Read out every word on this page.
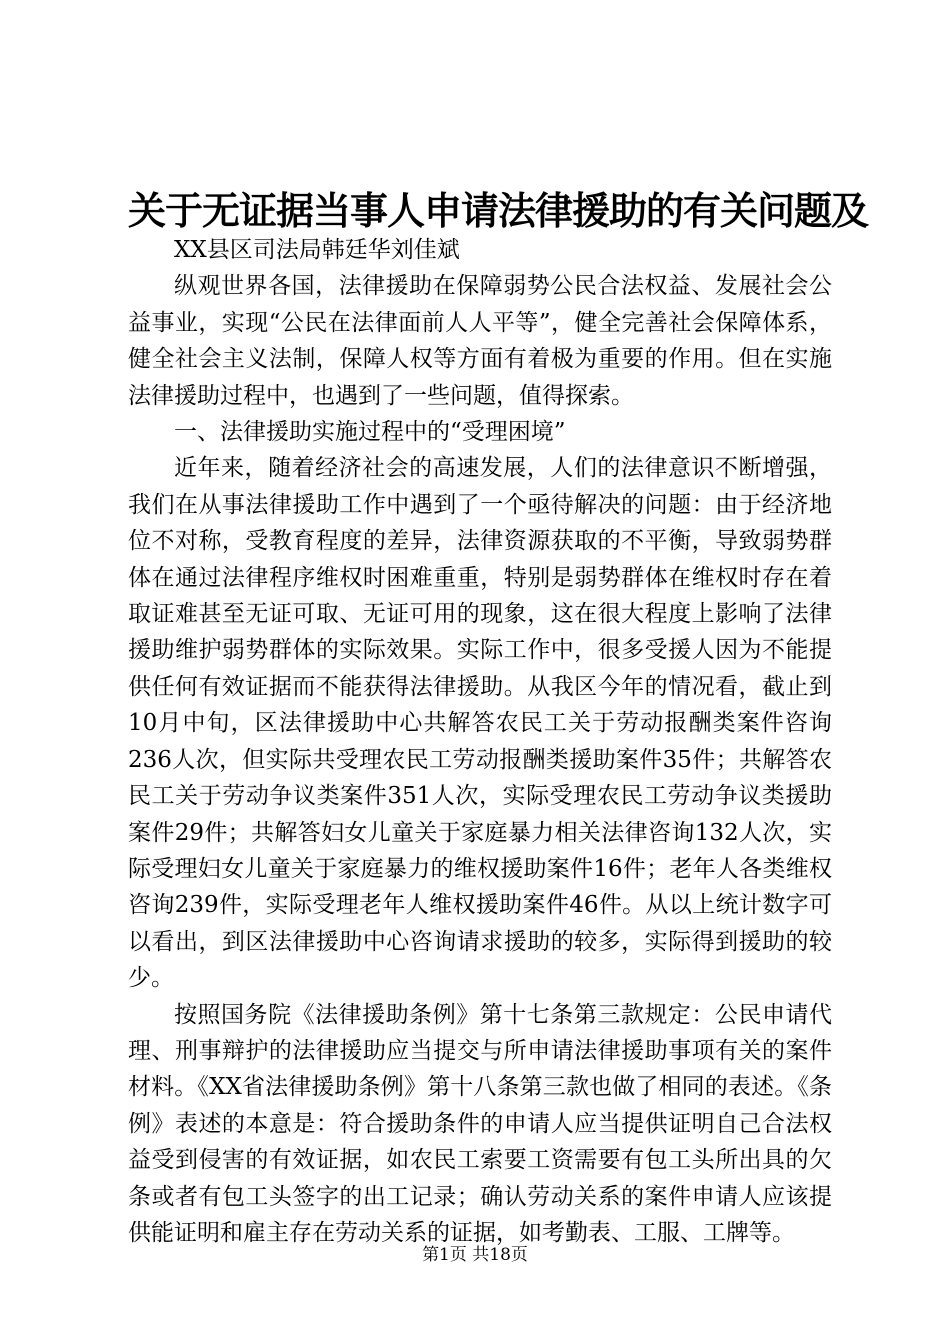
关于无证据当事人申请法律援助的有关问题及

XX县区司法局韩廷华刘佳斌

纵观世界各国，法律援助在保障弱势公民合法权益、发展社会公益事业，实现“公民在法律面前人人平等”，健全完善社会保障体系，健全社会主义法制，保障人权等方面有着极为重要的作用。但在实施法律援助过程中，也遇到了一些问题，值得探索。

一、法律援助实施过程中的“受理困境”

近年来，随着经济社会的高速发展，人们的法律意识不断增强，我们在从事法律援助工作中遇到了一个亟待解决的问题：由于经济地位不对称，受教育程度的差异，法律资源获取的不平衡，导致弱势群体在通过法律程序维权时困难重重，特别是弱势群体在维权时存在着取证难甚至无证可取、无证可用的现象，这在很大程度上影响了法律援助维护弱势群体的实际效果。实际工作中，很多受援人因为不能提供任何有效证据而不能获得法律援助。从我区今年的情况看，截止到10月中旬，区法律援助中心共解答农民工关于劳动报酬类案件咨询236人次，但实际共受理农民工劳动报酬类援助案件35件；共解答农民工关于劳动争议类案件351人次，实际受理农民工劳动争议类援助案件29件；共解答妇女儿童关于家庭暴力相关法律咨询132人次，实际受理妇女儿童关于家庭暴力的维权援助案件16件；老年人各类维权咨询239件，实际受理老年人维权援助案件46件。从以上统计数字可以看出，到区法律援助中心咨询请求援助的较多，实际得到援助的较少。

按照国务院《法律援助条例》第十七条第三款规定：公民申请代理、刑事辩护的法律援助应当提交与所申请法律援助事项有关的案件材料。《XX省法律援助条例》第十八条第三款也做了相同的表述。《条例》表述的本意是：符合援助条件的申请人应当提供证明自己合法权益受到侵害的有效证据，如农民工索要工资需要有包工头所出具的欠条或者有包工头签字的出工记录；确认劳动关系的案件申请人应该提供能证明和雇主存在劳动关系的证据，如考勤表、工服、工牌等。

第1页 共18页
